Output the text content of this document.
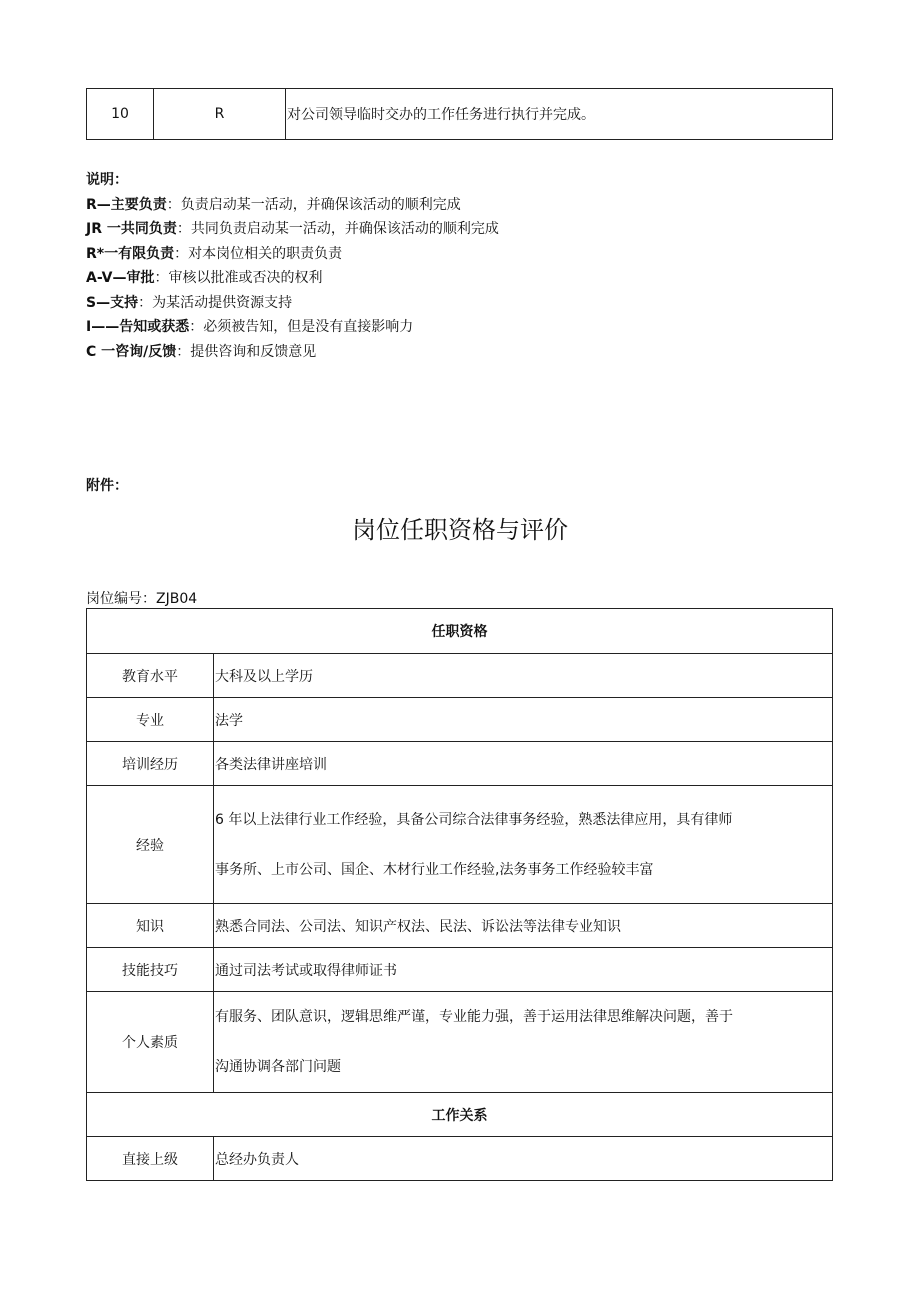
10	R	对公司领导临时交办的工作任务进行执行并完成。
说明：
R—主要负责：负责启动某一活动，并确保该活动的顺利完成
JR 一共同负责：共同负责启动某一活动，并确保该活动的顺利完成
R*一有限负责：对本岗位相关的职责负责
A-V—审批：审核以批准或否决的权利
S—支持：为某活动提供资源支持
I——告知或获悉：必须被告知，但是没有直接影响力
C 一咨询/反馈：提供咨询和反馈意见
附件：
岗位任职资格与评价
岗位编号：ZJB04
任职资格	
教育水平	大科及以上学历
专业	法学
培训经历	各类法律讲座培训
经验	6 年以上法律行业工作经验，具备公司综合法律事务经验，熟悉法律应用，具有律师
事务所、上市公司、国企、木材行业工作经验,法务事务工作经验较丰富

知识	熟悉合同法、公司法、知识产权法、民法、诉讼法等法律专业知识
技能技巧	通过司法考试或取得律师证书
个人素质	有服务、团队意识，逻辑思维严谨，专业能力强，善于运用法律思维解决问题，善于
沟通协调各部门问题

工作关系	
直接上级	总经办负责人
